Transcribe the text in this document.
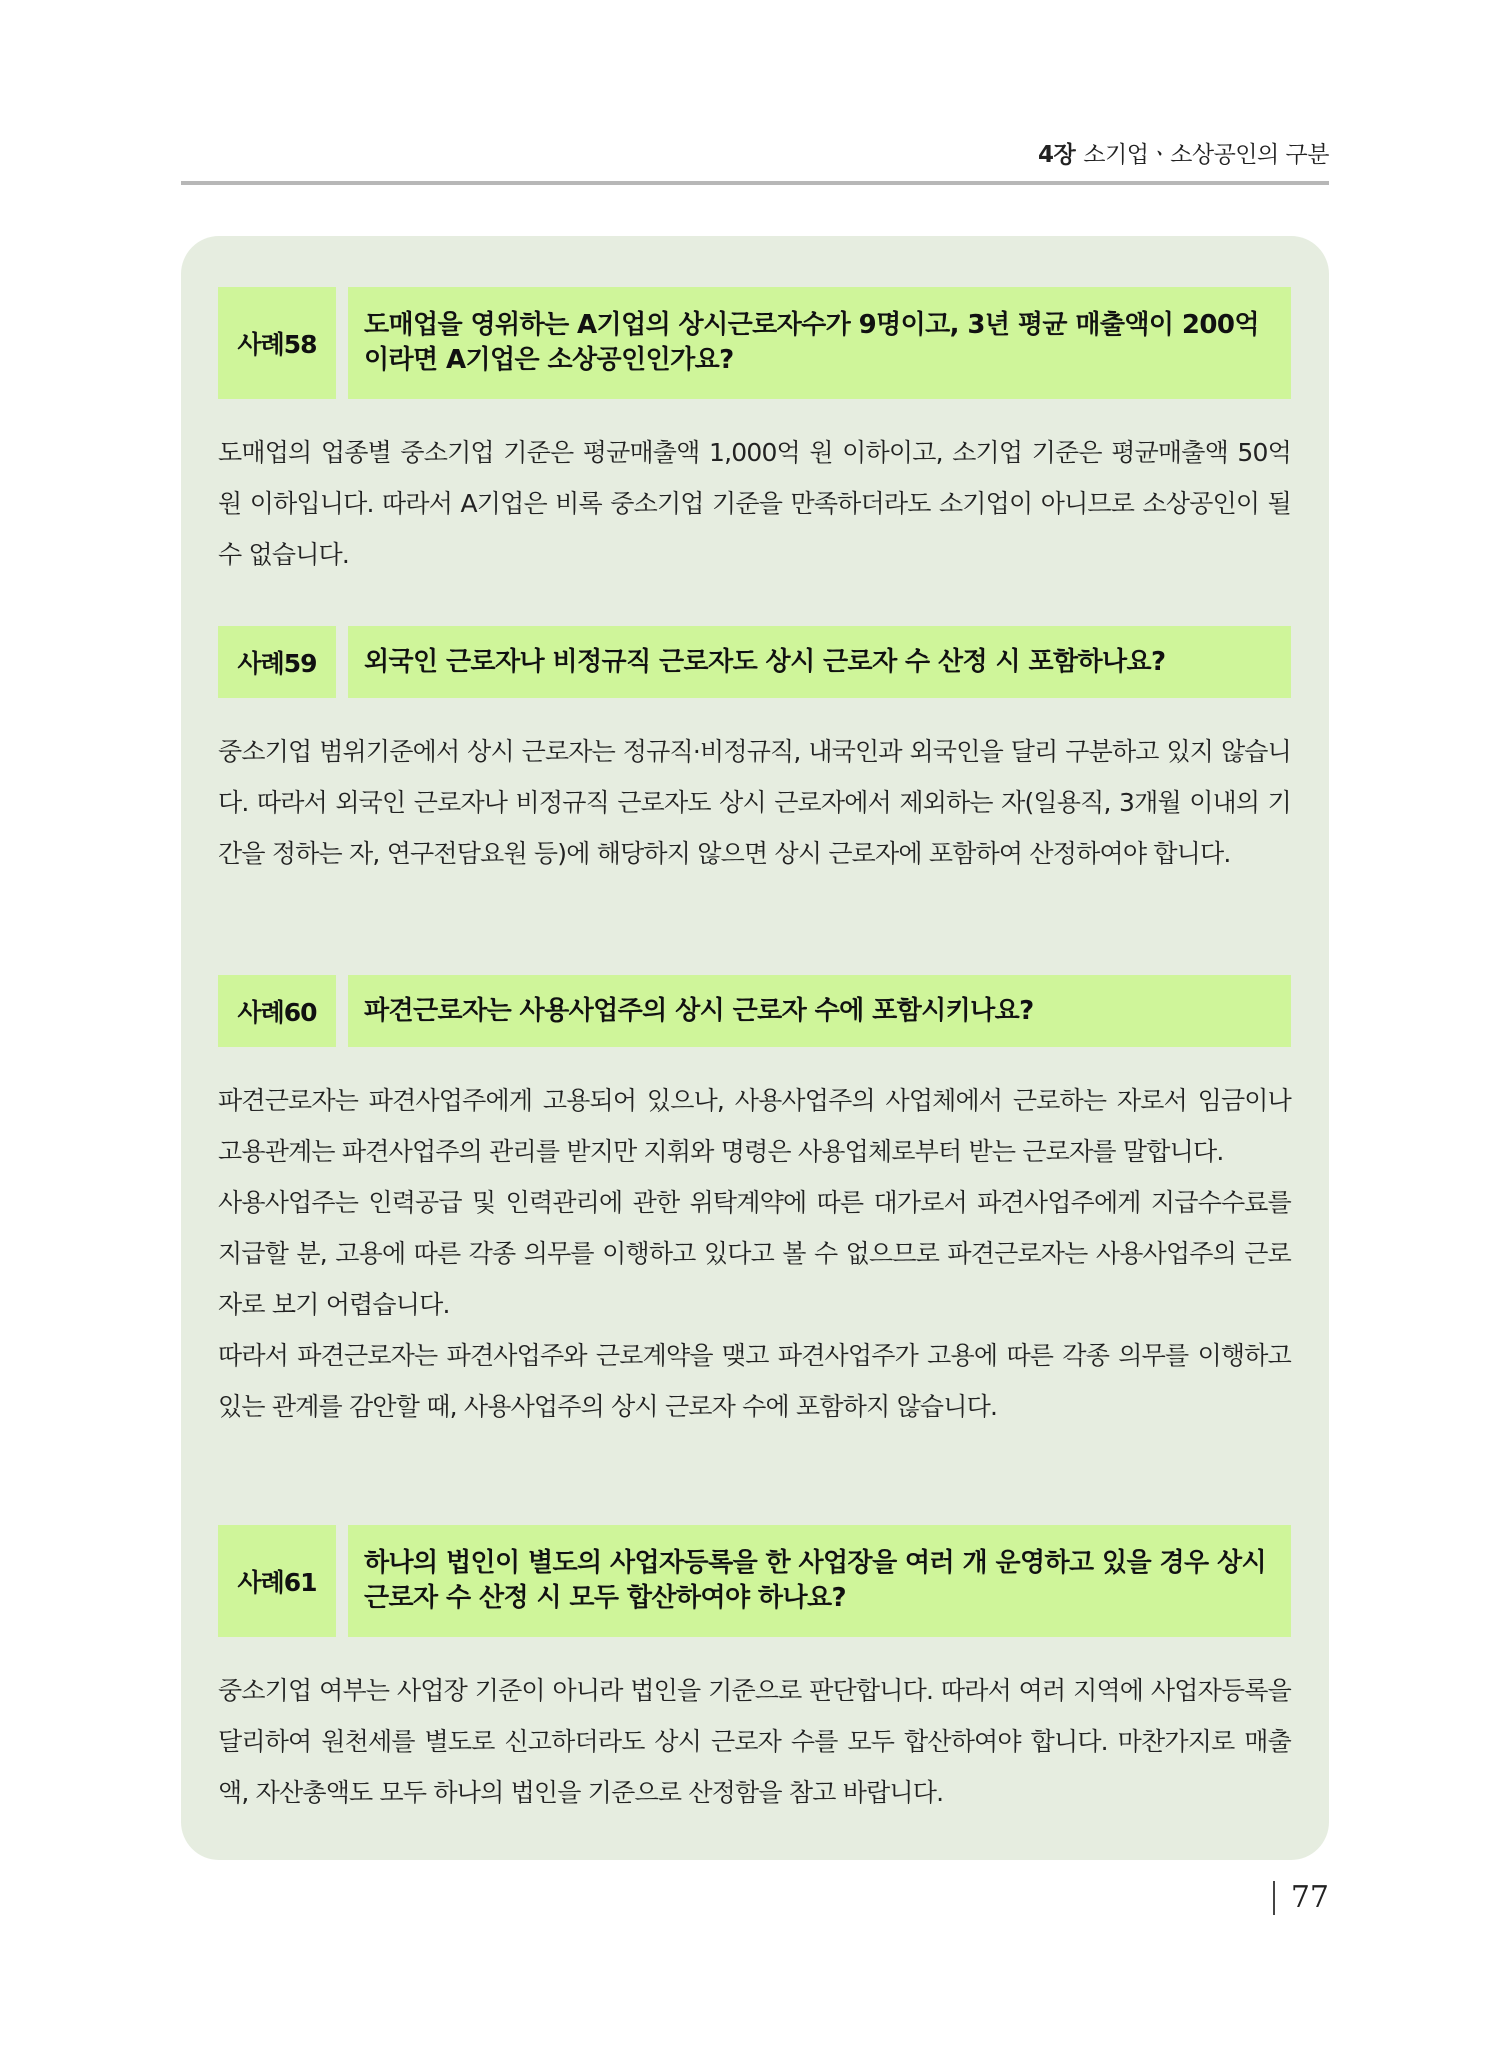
4장 소기업ㆍ소상공인의 구분
사례58
도매업을 영위하는 A기업의 상시근로자수가 9명이고, 3년 평균 매출액이 200억이라면 A기업은 소상공인인가요?

도매업의 업종별 중소기업 기준은 평균매출액 1,000억 원 이하이고, 소기업 기준은 평균매출액 50억 원 이하입니다. 따라서 A기업은 비록 중소기업 기준을 만족하더라도 소기업이 아니므로 소상공인이 될 수 없습니다.

사례59	외국인 근로자나 비정규직 근로자도 상시 근로자 수 산정 시 포함하나요?

중소기업 범위기준에서 상시 근로자는 정규직·비정규직, 내국인과 외국인을 달리 구분하고 있지 않습니다. 따라서 외국인 근로자나 비정규직 근로자도 상시 근로자에서 제외하는 자(일용직, 3개월 이내의 기간을 정하는 자, 연구전담요원 등)에 해당하지 않으면 상시 근로자에 포함하여 산정하여야 합니다.

사례60	파견근로자는 사용사업주의 상시 근로자 수에 포함시키나요?

파견근로자는 파견사업주에게 고용되어 있으나, 사용사업주의 사업체에서 근로하는 자로서 임금이나 고용관계는 파견사업주의 관리를 받지만 지휘와 명령은 사용업체로부터 받는 근로자를 말합니다.

사용사업주는 인력공급 및 인력관리에 관한 위탁계약에 따른 대가로서 파견사업주에게 지급수수료를 지급할 분, 고용에 따른 각종 의무를 이행하고 있다고 볼 수 없으므로 파견근로자는 사용사업주의 근로자로 보기 어렵습니다.

따라서 파견근로자는 파견사업주와 근로계약을 맺고 파견사업주가 고용에 따른 각종 의무를 이행하고 있는 관계를 감안할 때, 사용사업주의 상시 근로자 수에 포함하지 않습니다.

사례61
하나의 법인이 별도의 사업자등록을 한 사업장을 여러 개 운영하고 있을 경우 상시 근로자 수 산정 시 모두 합산하여야 하나요?

중소기업 여부는 사업장 기준이 아니라 법인을 기준으로 판단합니다. 따라서 여러 지역에 사업자등록을 달리하여 원천세를 별도로 신고하더라도 상시 근로자 수를 모두 합산하여야 합니다. 마찬가지로 매출액, 자산총액도 모두 하나의 법인을 기준으로 산정함을 참고 바랍니다.

77
